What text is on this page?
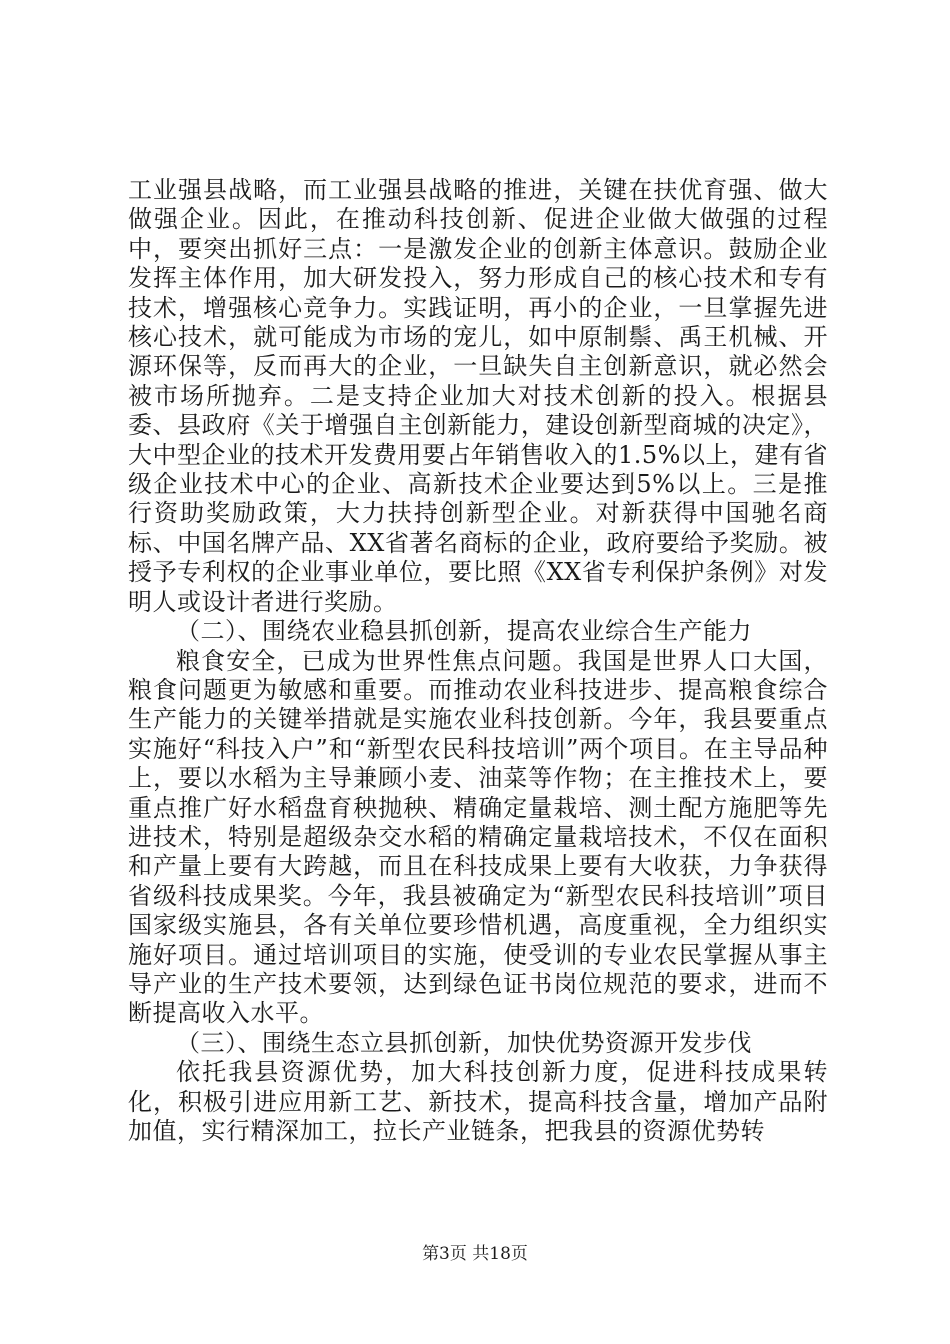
工业强县战略，而工业强县战略的推进，关键在扶优育强、做大做强企业。因此，在推动科技创新、促进企业做大做强的过程中，要突出抓好三点：一是激发企业的创新主体意识。鼓励企业发挥主体作用，加大研发投入，努力形成自己的核心技术和专有技术，增强核心竞争力。实践证明，再小的企业，一旦掌握先进核心技术，就可能成为市场的宠儿，如中原制鬃、禹王机械、开源环保等，反而再大的企业，一旦缺失自主创新意识，就必然会被市场所抛弃。二是支持企业加大对技术创新的投入。根据县委、县政府《关于增强自主创新能力，建设创新型商城的决定》，大中型企业的技术开发费用要占年销售收入的1.5%以上，建有省级企业技术中心的企业、高新技术企业要达到5%以上。三是推行资助奖励政策，大力扶持创新型企业。对新获得中国驰名商标、中国名牌产品、XX省著名商标的企业，政府要给予奖励。被授予专利权的企业事业单位，要比照《XX省专利保护条例》对发明人或设计者进行奖励。

（二）、围绕农业稳县抓创新，提高农业综合生产能力

粮食安全，已成为世界性焦点问题。我国是世界人口大国，粮食问题更为敏感和重要。而推动农业科技进步、提高粮食综合生产能力的关键举措就是实施农业科技创新。今年，我县要重点实施好“科技入户”和“新型农民科技培训”两个项目。在主导品种上，要以水稻为主导兼顾小麦、油菜等作物；在主推技术上，要重点推广好水稻盘育秧抛秧、精确定量栽培、测土配方施肥等先进技术，特别是超级杂交水稻的精确定量栽培技术，不仅在面积和产量上要有大跨越，而且在科技成果上要有大收获，力争获得省级科技成果奖。今年，我县被确定为“新型农民科技培训”项目国家级实施县，各有关单位要珍惜机遇，高度重视，全力组织实施好项目。通过培训项目的实施，使受训的专业农民掌握从事主导产业的生产技术要领，达到绿色证书岗位规范的要求，进而不断提高收入水平。

（三）、围绕生态立县抓创新，加快优势资源开发步伐

依托我县资源优势，加大科技创新力度，促进科技成果转化，积极引进应用新工艺、新技术，提高科技含量，增加产品附加值，实行精深加工，拉长产业链条，把我县的资源优势转

第3页 共18页
